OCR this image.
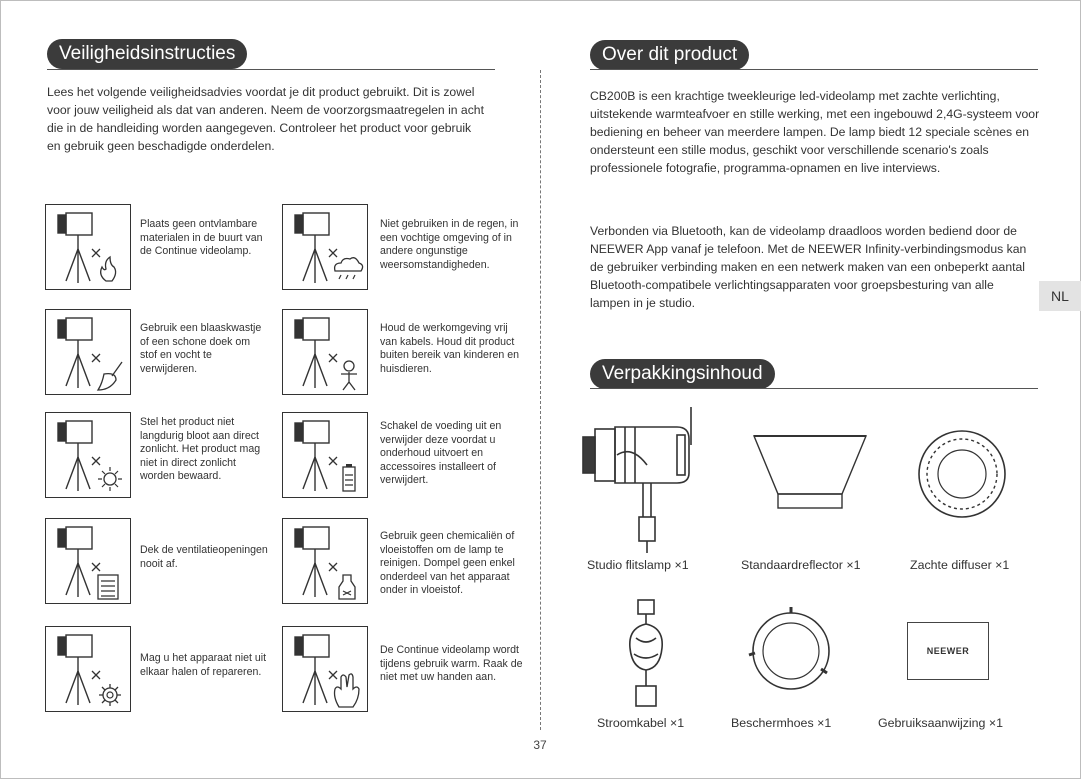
Veiligheidsinstructies
Lees het volgende veiligheidsadvies voordat je dit product gebruikt. Dit is zowel voor jouw veiligheid als dat van anderen. Neem de voorzorgsmaatregelen in acht die in de handleiding worden aangegeven. Controleer het product voor gebruik en gebruik geen beschadigde onderdelen.
Plaats geen ontvlambare materialen in de buurt van de Continue videolamp.
Niet gebruiken in de regen, in een vochtige omgeving of in andere ongunstige weersomstandigheden.
Gebruik een blaaskwastje of een schone doek om stof en vocht te verwijderen.
Houd de werkomgeving vrij van kabels. Houd dit product buiten bereik van kinderen en huisdieren.
Stel het product niet langdurig bloot aan direct zonlicht. Het product mag niet in direct zonlicht worden bewaard.
Schakel de voeding uit en verwijder deze voordat u onderhoud uitvoert en accessoires installeert of verwijdert.
Dek de ventilatieopeningen nooit af.
Gebruik geen chemicaliën of vloeistoffen om de lamp te reinigen. Dompel geen enkel onderdeel van het apparaat onder in vloeistof.
Mag u het apparaat niet uit elkaar halen of repareren.
De Continue videolamp wordt tijdens gebruik warm. Raak de niet met uw handen aan.
Over dit product
CB200B is een krachtige tweekleurige led-videolamp met zachte verlichting, uitstekende warmteafvoer en stille werking, met een ingebouwd 2,4G-systeem voor bediening en beheer van meerdere lampen. De lamp biedt 12 speciale scènes en ondersteunt een stille modus, geschikt voor verschillende scenario's zoals professionele fotografie, programma-opnamen en live interviews.
Verbonden via Bluetooth, kan de videolamp draadloos worden bediend door de NEEWER App vanaf je telefoon. Met de NEEWER Infinity-verbindingsmodus kan de gebruiker verbinding maken en een netwerk maken van een onbeperkt aantal Bluetooth-compatibele verlichtingsapparaten voor groepsbesturing van alle lampen in je studio.	NL
Verpakkingsinhoud
NEEWER
Studio flitslamp ×1	Standaardreflector ×1	Zachte diffuser ×1
Stroomkabel ×1	Beschermhoes ×1	Gebruiksaanwijzing ×1
37
